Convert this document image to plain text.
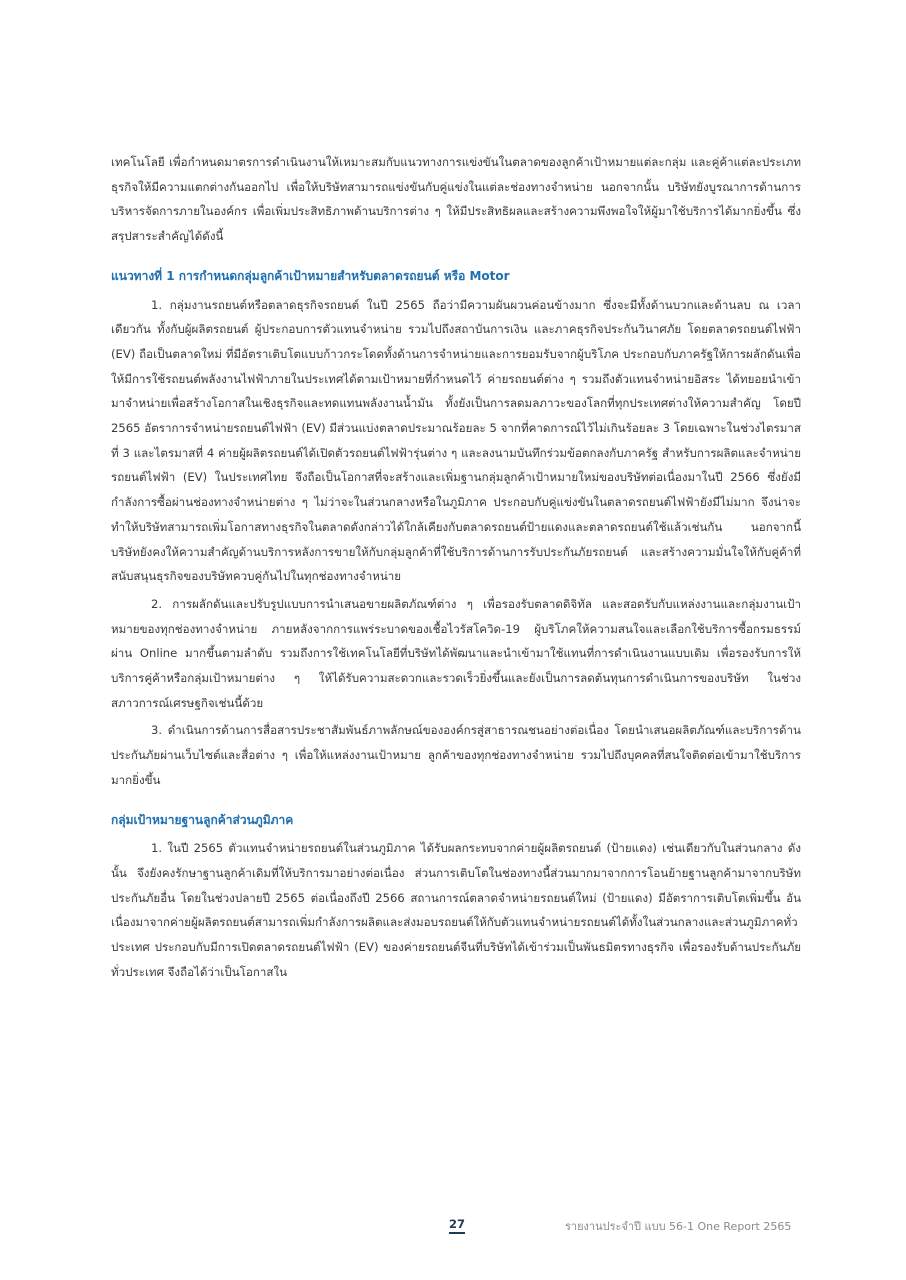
เทคโนโลยี เพื่อกำหนดมาตรการดำเนินงานให้เหมาะสมกับแนวทางการแข่งขันในตลาดของลูกค้าเป้าหมายแต่ละกลุ่ม และคู่ค้าแต่ละประเภทธุรกิจให้มีความแตกต่างกันออกไป เพื่อให้บริษัทสามารถแข่งขันกับคู่แข่งในแต่ละช่องทางจำหน่าย นอกจากนั้น บริษัทยังบูรณาการด้านการบริหารจัดการภายในองค์กร เพื่อเพิ่มประสิทธิภาพด้านบริการต่าง ๆ ให้มีประสิทธิผลและสร้างความพึงพอใจให้ผู้มาใช้บริการได้มากยิ่งขึ้น ซึ่งสรุปสาระสำคัญได้ดังนี้

แนวทางที่ 1 การกำหนดกลุ่มลูกค้าเป้าหมายสำหรับตลาดรถยนต์ หรือ Motor

1. กลุ่มงานรถยนต์หรือตลาดธุรกิจรถยนต์ ในปี 2565 ถือว่ามีความผันผวนค่อนข้างมาก ซึ่งจะมีทั้งด้านบวกและด้านลบ ณ เวลาเดียวกัน ทั้งกับผู้ผลิตรถยนต์ ผู้ประกอบการตัวแทนจำหน่าย รวมไปถึงสถาบันการเงิน และภาคธุรกิจประกันวินาศภัย โดยตลาดรถยนต์ไฟฟ้า (EV) ถือเป็นตลาดใหม่ ที่มีอัตราเติบโตแบบก้าวกระโดดทั้งด้านการจำหน่ายและการยอมรับจากผู้บริโภค ประกอบกับภาครัฐให้การผลักดันเพื่อให้มีการใช้รถยนต์พลังงานไฟฟ้าภายในประเทศได้ตามเป้าหมายที่กำหนดไว้ ค่ายรถยนต์ต่าง ๆ รวมถึงตัวแทนจำหน่ายอิสระ ได้ทยอยนำเข้ามาจำหน่ายเพื่อสร้างโอกาสในเชิงธุรกิจและทดแทนพลังงานน้ำมัน ทั้งยังเป็นการลดมลภาวะของโลกที่ทุกประเทศต่างให้ความสำคัญ โดยปี 2565 อัตราการจำหน่ายรถยนต์ไฟฟ้า (EV) มีส่วนแบ่งตลาดประมาณร้อยละ 5 จากที่คาดการณ์ไว้ไม่เกินร้อยละ 3 โดยเฉพาะในช่วงไตรมาสที่ 3 และไตรมาสที่ 4 ค่ายผู้ผลิตรถยนต์ได้เปิดตัวรถยนต์ไฟฟ้ารุ่นต่าง ๆ และลงนามบันทึกร่วมข้อตกลงกับภาครัฐ สำหรับการผลิตและจำหน่ายรถยนต์ไฟฟ้า (EV) ในประเทศไทย จึงถือเป็นโอกาสที่จะสร้างและเพิ่มฐานกลุ่มลูกค้าเป้าหมายใหม่ของบริษัทต่อเนื่องมาในปี 2566 ซึ่งยังมีกำลังการซื้อผ่านช่องทางจำหน่ายต่าง ๆ ไม่ว่าจะในส่วนกลางหรือในภูมิภาค ประกอบกับคู่แข่งขันในตลาดรถยนต์ไฟฟ้ายังมีไม่มาก จึงน่าจะทำให้บริษัทสามารถเพิ่มโอกาสทางธุรกิจในตลาดดังกล่าวได้ใกล้เคียงกับตลาดรถยนต์ป้ายแดงและตลาดรถยนต์ใช้แล้วเช่นกัน นอกจากนี้ บริษัทยังคงให้ความสำคัญด้านบริการหลังการขายให้กับกลุ่มลูกค้าที่ใช้บริการด้านการรับประกันภัยรถยนต์ และสร้างความมั่นใจให้กับคู่ค้าที่สนับสนุนธุรกิจของบริษัทควบคู่กันไปในทุกช่องทางจำหน่าย

2. การผลักดันและปรับรูปแบบการนำเสนอขายผลิตภัณฑ์ต่าง ๆ เพื่อรองรับตลาดดิจิทัล และสอดรับกับแหล่งงานและกลุ่มงานเป้าหมายของทุกช่องทางจำหน่าย ภายหลังจากการแพร่ระบาดของเชื้อไวรัสโควิด-19 ผู้บริโภคให้ความสนใจและเลือกใช้บริการซื้อกรมธรรม์ผ่าน Online มากขึ้นตามลำดับ รวมถึงการใช้เทคโนโลยีที่บริษัทได้พัฒนาและนำเข้ามาใช้แทนที่การดำเนินงานแบบเดิม เพื่อรองรับการให้บริการคู่ค้าหรือกลุ่มเป้าหมายต่าง ๆ ให้ได้รับความสะดวกและรวดเร็วยิ่งขึ้นและยังเป็นการลดต้นทุนการดำเนินการของบริษัท ในช่วงสภาวการณ์เศรษฐกิจเช่นนี้ด้วย

3. ดำเนินการด้านการสื่อสารประชาสัมพันธ์ภาพลักษณ์ขององค์กรสู่สาธารณชนอย่างต่อเนื่อง โดยนำเสนอผลิตภัณฑ์และบริการด้านประกันภัยผ่านเว็บไซต์และสื่อต่าง ๆ เพื่อให้แหล่งงานเป้าหมาย ลูกค้าของทุกช่องทางจำหน่าย รวมไปถึงบุคคลที่สนใจติดต่อเข้ามาใช้บริการมากยิ่งขึ้น

กลุ่มเป้าหมายฐานลูกค้าส่วนภูมิภาค

1. ในปี 2565 ตัวแทนจำหน่ายรถยนต์ในส่วนภูมิภาค ได้รับผลกระทบจากค่ายผู้ผลิตรถยนต์ (ป้ายแดง) เช่นเดียวกับในส่วนกลาง ดังนั้น จึงยังคงรักษาฐานลูกค้าเดิมที่ให้บริการมาอย่างต่อเนื่อง ส่วนการเติบโตในช่องทางนี้ส่วนมากมาจากการโอนย้ายฐานลูกค้ามาจากบริษัทประกันภัยอื่น โดยในช่วงปลายปี 2565 ต่อเนื่องถึงปี 2566 สถานการณ์ตลาดจำหน่ายรถยนต์ใหม่ (ป้ายแดง) มีอัตราการเติบโตเพิ่มขึ้น อันเนื่องมาจากค่ายผู้ผลิตรถยนต์สามารถเพิ่มกำลังการผลิตและส่งมอบรถยนต์ให้กับตัวแทนจำหน่ายรถยนต์ได้ทั้งในส่วนกลางและส่วนภูมิภาคทั่วประเทศ ประกอบกับมีการเปิดตลาดรถยนต์ไฟฟ้า (EV) ของค่ายรถยนต์จีนที่บริษัทได้เข้าร่วมเป็นพันธมิตรทางธุรกิจ เพื่อรองรับด้านประกันภัยทั่วประเทศ จึงถือได้ว่าเป็นโอกาสใน

27	รายงานประจำปี แบบ 56-1 One Report 2565
